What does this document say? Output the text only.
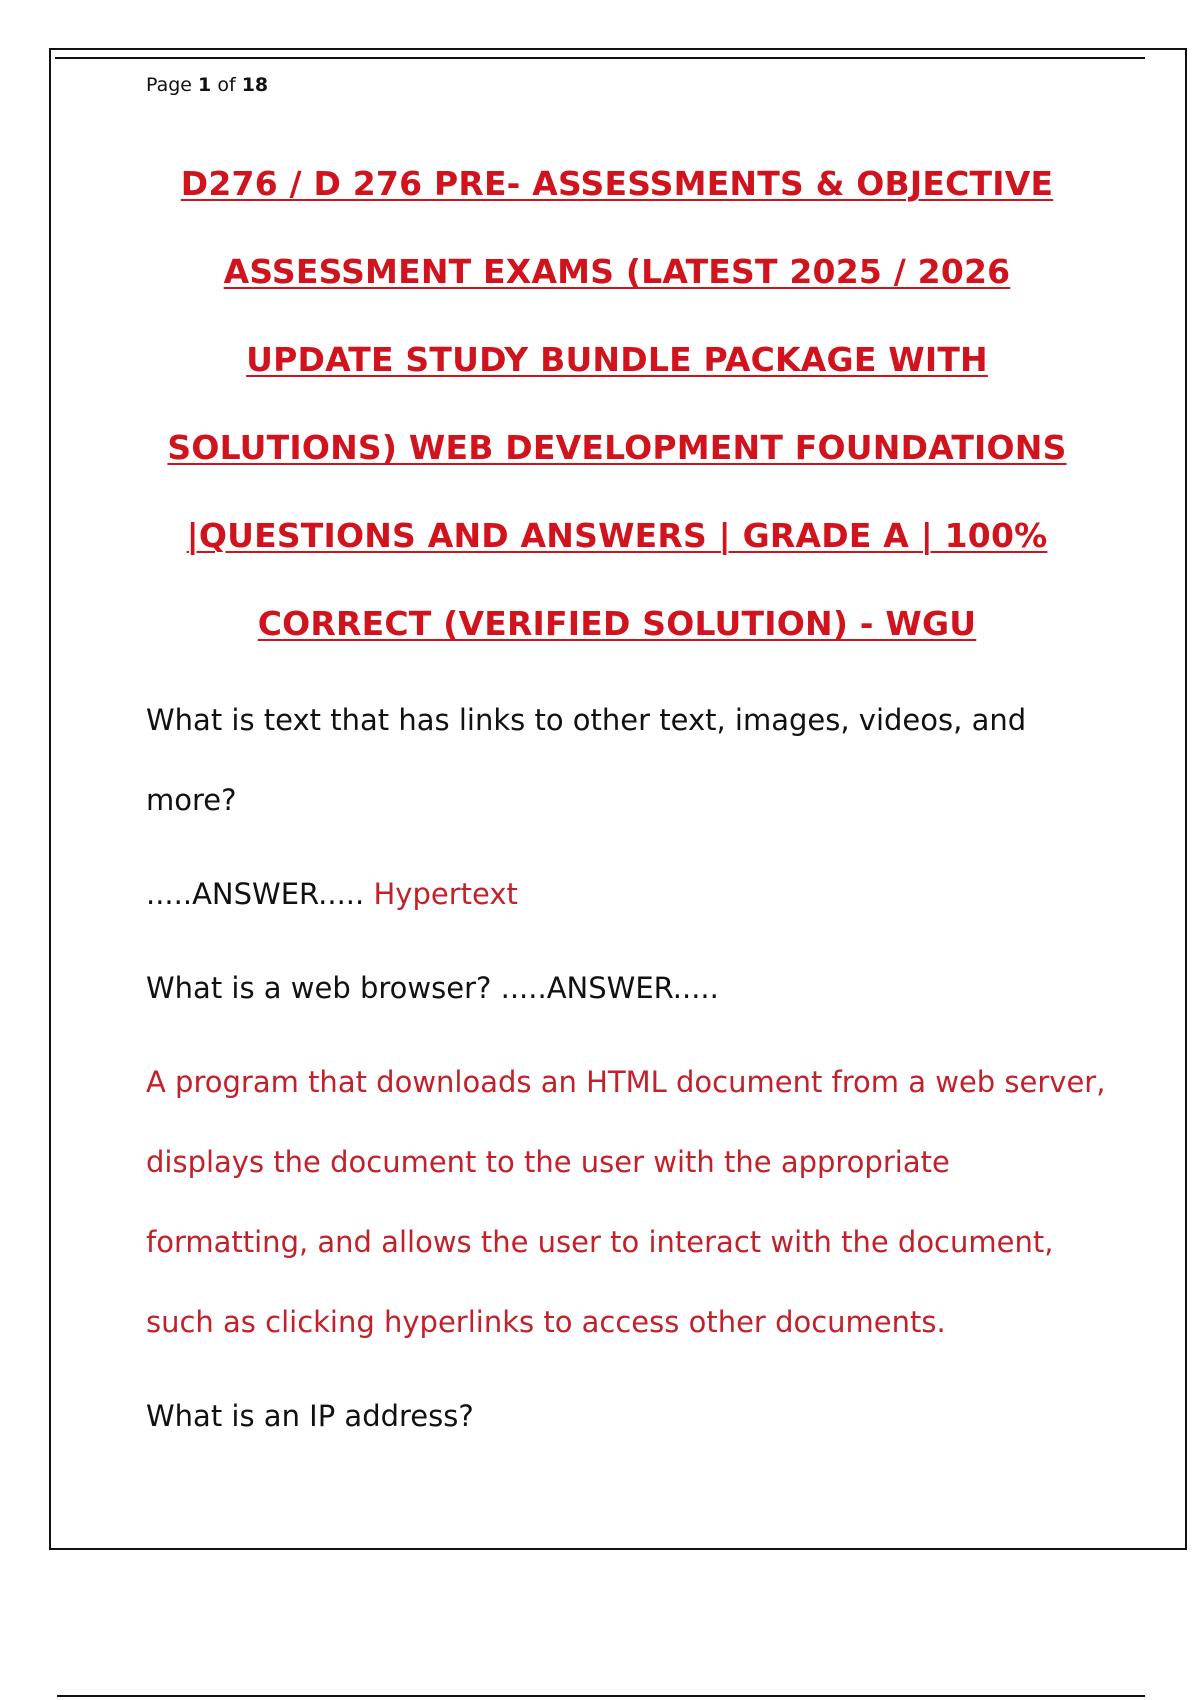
Page 1 of 18
D276 / D 276 PRE- ASSESSMENTS & OBJECTIVE ASSESSMENT EXAMS (LATEST 2025 / 2026 UPDATE STUDY BUNDLE PACKAGE WITH SOLUTIONS) WEB DEVELOPMENT FOUNDATIONS |QUESTIONS AND ANSWERS | GRADE A | 100% CORRECT (VERIFIED SOLUTION) - WGU

What is text that has links to other text, images, videos, and more?

.....ANSWER..... Hypertext

What is a web browser? .....ANSWER.....

A program that downloads an HTML document from a web server, displays the document to the user with the appropriate formatting, and allows the user to interact with the document, such as clicking hyperlinks to access other documents.

What is an IP address?
